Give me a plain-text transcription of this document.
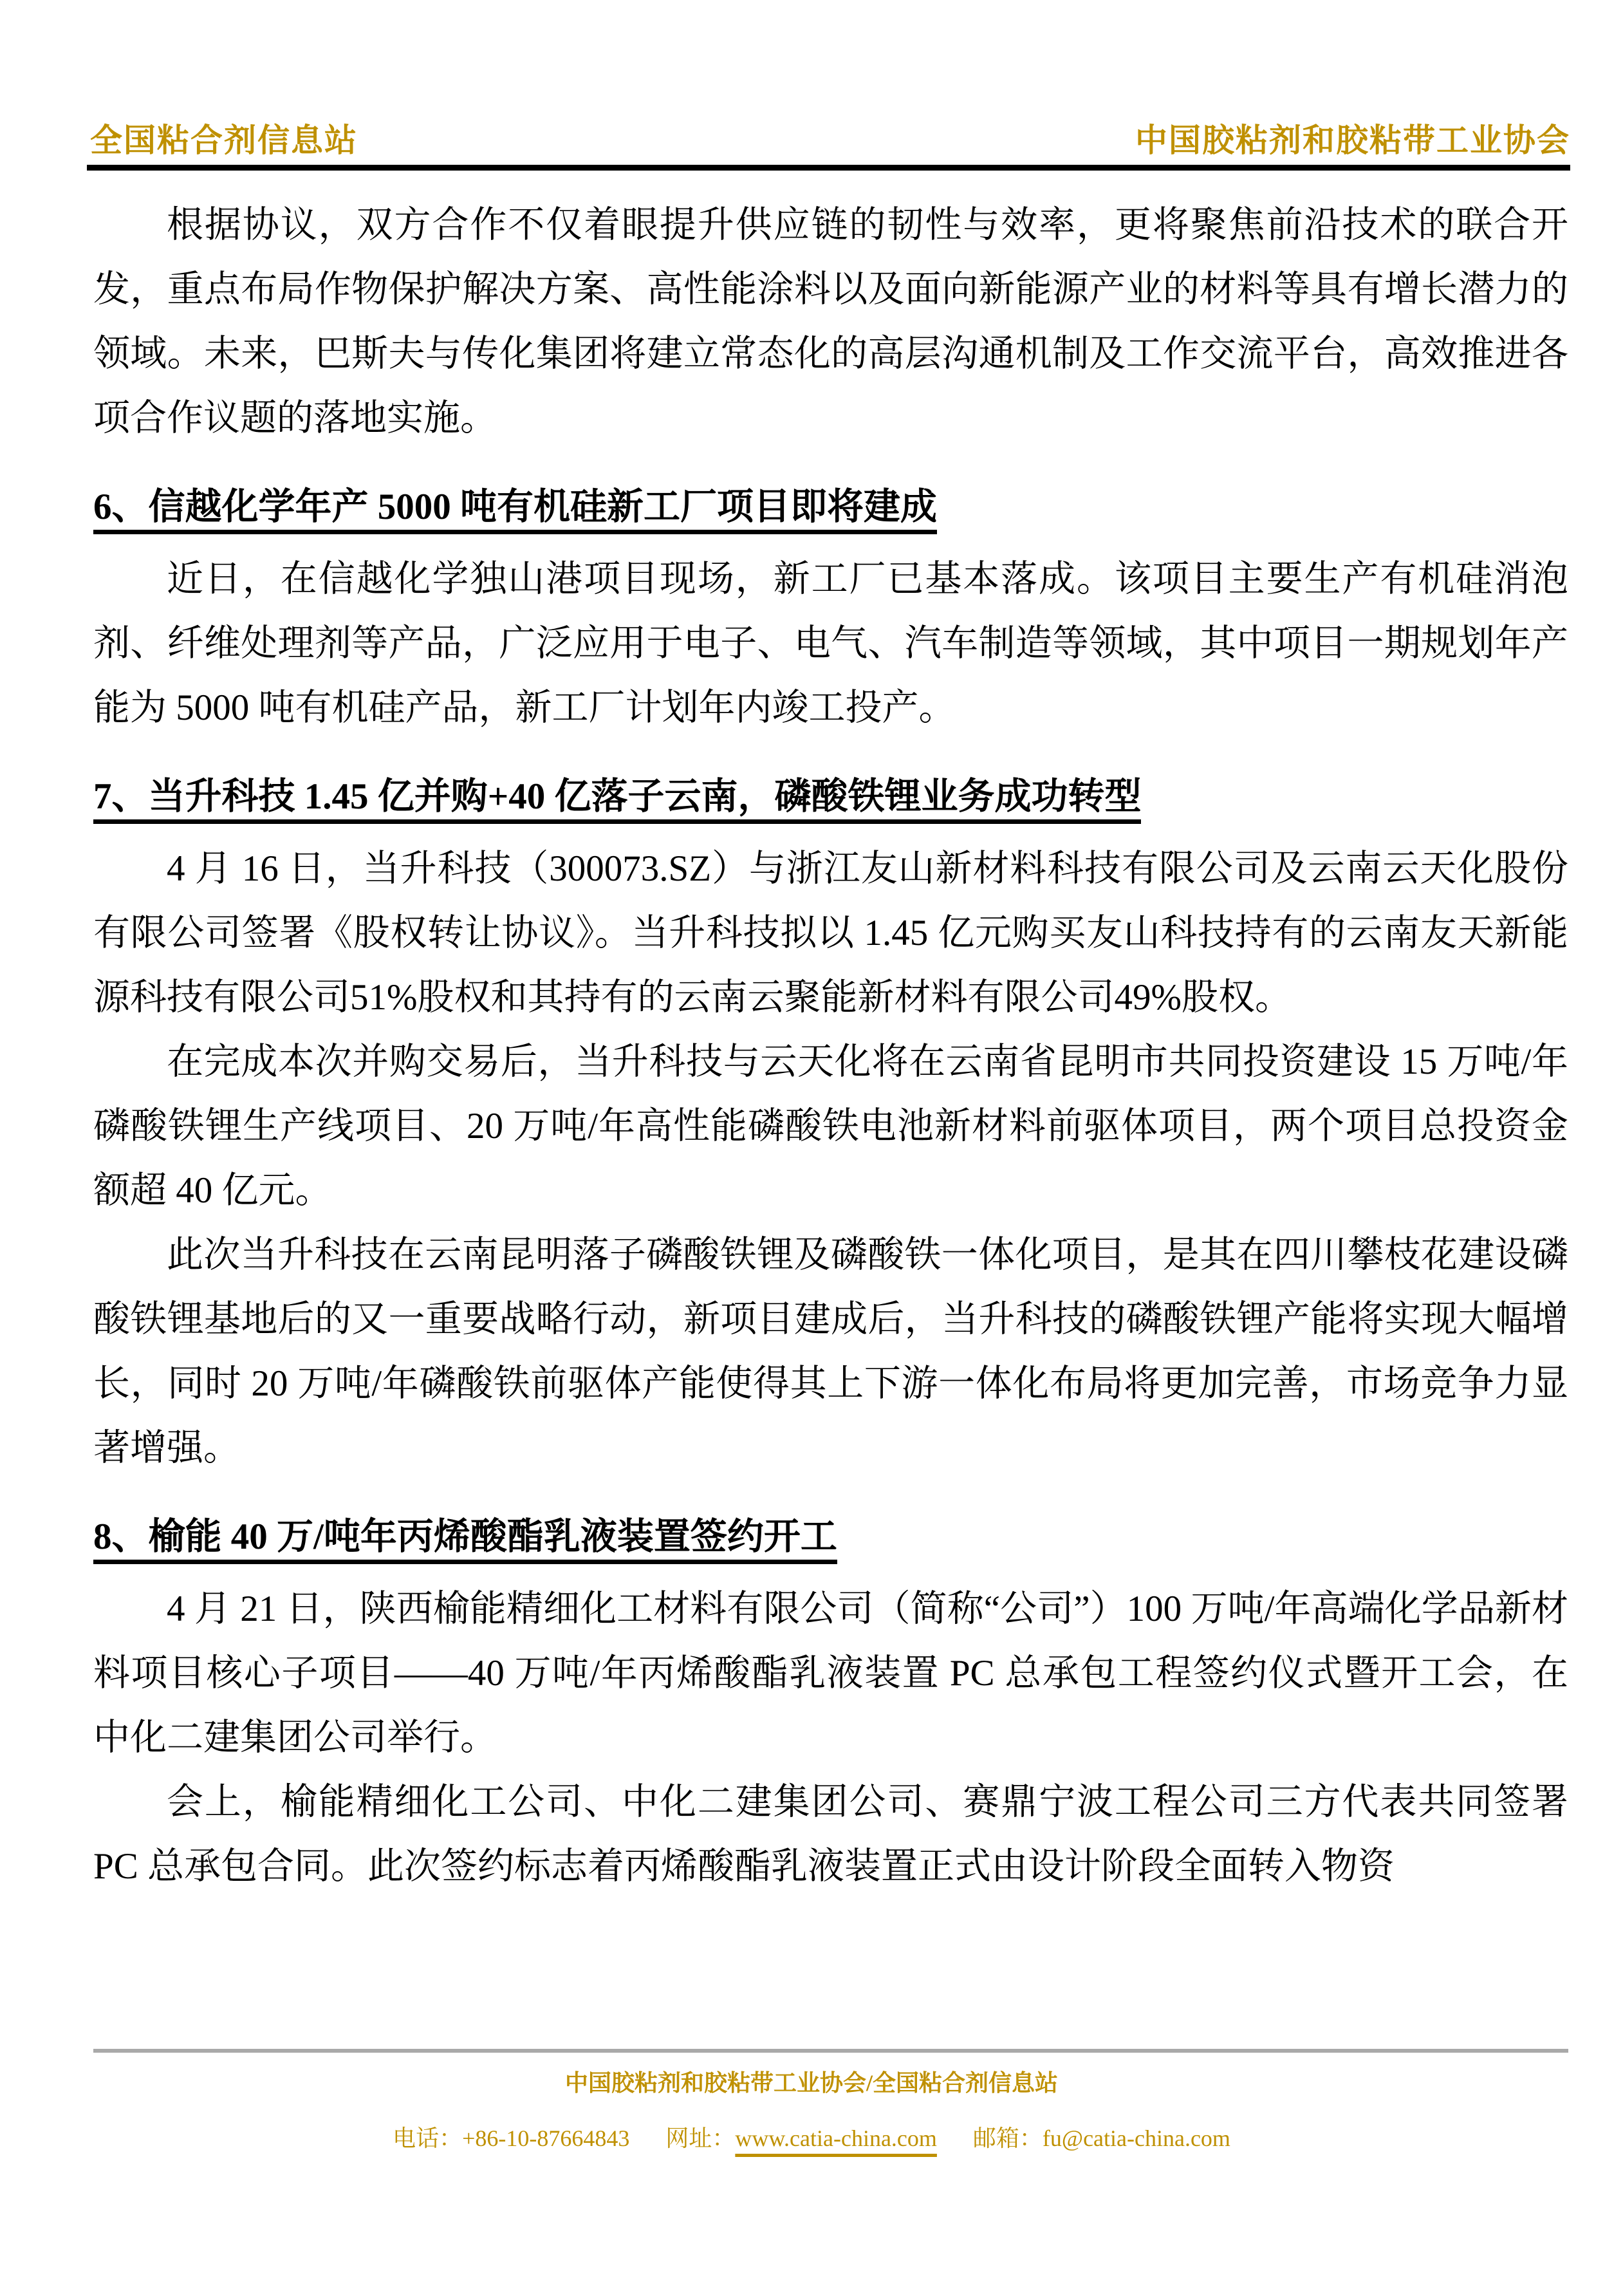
全国粘合剂信息站	中国胶粘剂和胶粘带工业协会

根据协议，双方合作不仅着眼提升供应链的韧性与效率，更将聚焦前沿技术的联合开发，重点布局作物保护解决方案、高性能涂料以及面向新能源产业的材料等具有增长潜力的领域。未来，巴斯夫与传化集团将建立常态化的高层沟通机制及工作交流平台，高效推进各项合作议题的落地实施。

6、信越化学年产 5000 吨有机硅新工厂项目即将建成

近日，在信越化学独山港项目现场，新工厂已基本落成。该项目主要生产有机硅消泡剂、纤维处理剂等产品，广泛应用于电子、电气、汽车制造等领域，其中项目一期规划年产能为 5000 吨有机硅产品，新工厂计划年内竣工投产。

7、当升科技 1.45 亿并购+40 亿落子云南，磷酸铁锂业务成功转型

4 月 16 日，当升科技（300073.SZ）与浙江友山新材料科技有限公司及云南云天化股份有限公司签署《股权转让协议》。当升科技拟以 1.45 亿元购买友山科技持有的云南友天新能源科技有限公司51%股权和其持有的云南云聚能新材料有限公司49%股权。

在完成本次并购交易后，当升科技与云天化将在云南省昆明市共同投资建设 15 万吨/年磷酸铁锂生产线项目、20 万吨/年高性能磷酸铁电池新材料前驱体项目，两个项目总投资金额超 40 亿元。

此次当升科技在云南昆明落子磷酸铁锂及磷酸铁一体化项目，是其在四川攀枝花建设磷酸铁锂基地后的又一重要战略行动，新项目建成后，当升科技的磷酸铁锂产能将实现大幅增长，同时 20 万吨/年磷酸铁前驱体产能使得其上下游一体化布局将更加完善，市场竞争力显著增强。

8、榆能 40 万/吨年丙烯酸酯乳液装置签约开工

4 月 21 日，陕西榆能精细化工材料有限公司（简称“公司”）100 万吨/年高端化学品新材料项目核心子项目——40 万吨/年丙烯酸酯乳液装置 PC 总承包工程签约仪式暨开工会，在中化二建集团公司举行。

会上，榆能精细化工公司、中化二建集团公司、赛鼎宁波工程公司三方代表共同签署 PC 总承包合同。此次签约标志着丙烯酸酯乳液装置正式由设计阶段全面转入物资

中国胶粘剂和胶粘带工业协会/全国粘合剂信息站
电话：+86-10-87664843 网址：www.catia-china.com 邮箱：fu@catia-china.com
